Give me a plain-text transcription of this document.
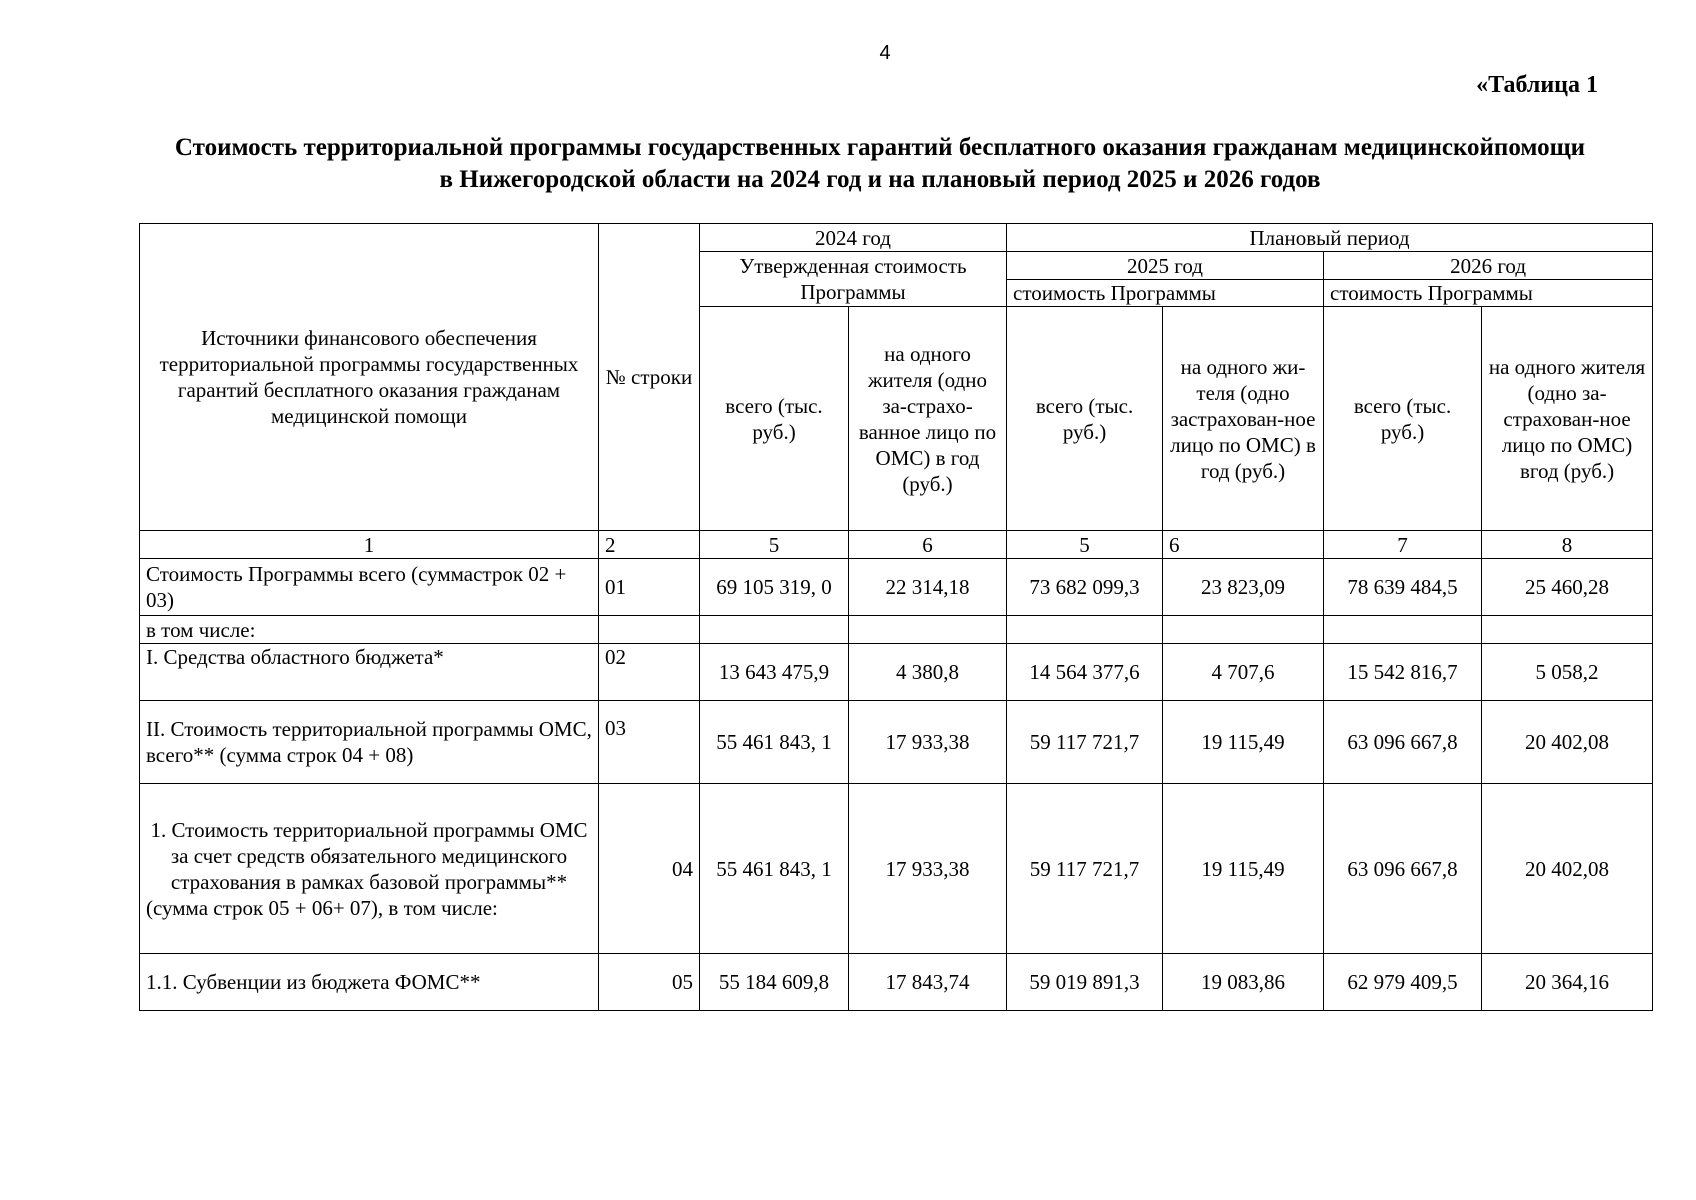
4
«Таблица 1
Стоимость территориальной программы государственных гарантий бесплатного оказания гражданам медицинскойпомощи в Нижегородской области на 2024 год и на плановый период 2025 и 2026 годов
Источники финансового обеспечения территориальной программы государственных гарантий бесплатного оказания гражданам медицинской помощи	№ строки	2024 год		Плановый период			
		Утвержденная стоимость Программы		2025 год		2026 год	
				стоимость Программы		стоимость Программы	
		всего (тыс. руб.)	на одного жителя (одно за-страхо-ванное лицо по ОМС) в год (руб.)	всего (тыс. руб.)	на одного жи-теля (одно застрахован-ное лицо по ОМС) в год (руб.)	всего (тыс. руб.)	на одного жителя (одно за-страхован-ное лицо по ОМС) вгод (руб.)
1	2	5	6	5	6	7	8
Стоимость Программы всего (суммастрок 02 + 03)	01	69 105 319, 0	22 314,18	73 682 099,3	23 823,09	78 639 484,5	25 460,28
в том числе:							
I. Средства областного бюджета*	02	13 643 475,9	4 380,8	14 564 377,6	4 707,6	15 542 816,7	5 058,2
II. Стоимость территориальной программы ОМС, всего** (сумма строк 04 + 08)	03	55 461 843, 1	17 933,38	59 117 721,7	19 115,49	63 096 667,8	20 402,08
1. Стоимость территориальной программы ОМС за счет средств обязательного медицинского страхования в рамках базовой программы** (сумма строк 05 + 06+ 07), в том числе:	04	55 461 843, 1	17 933,38	59 117 721,7	19 115,49	63 096 667,8	20 402,08
1.1. Субвенции из бюджета ФОМС**	05	55 184 609,8	17 843,74	59 019 891,3	19 083,86	62 979 409,5	20 364,16
